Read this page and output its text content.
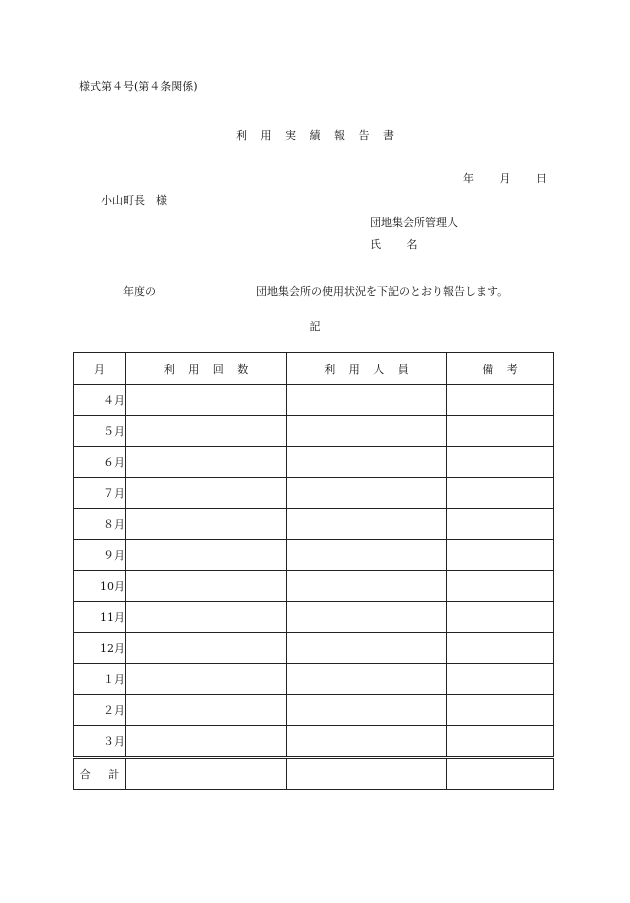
様式第４号(第４条関係)
利 用 実 績 報 告 書
年 月 日
小山町長　様
団地集会所管理人
氏 名
年度の	団地集会所の使用状況を下記のとおり報告します。
記
月	利 用 回 数	利 用 人 員	備 考
４月			
５月			
６月			
７月			
８月			
９月			
10月			
11月			
12月			
１月			
２月			
３月			
合 計			
